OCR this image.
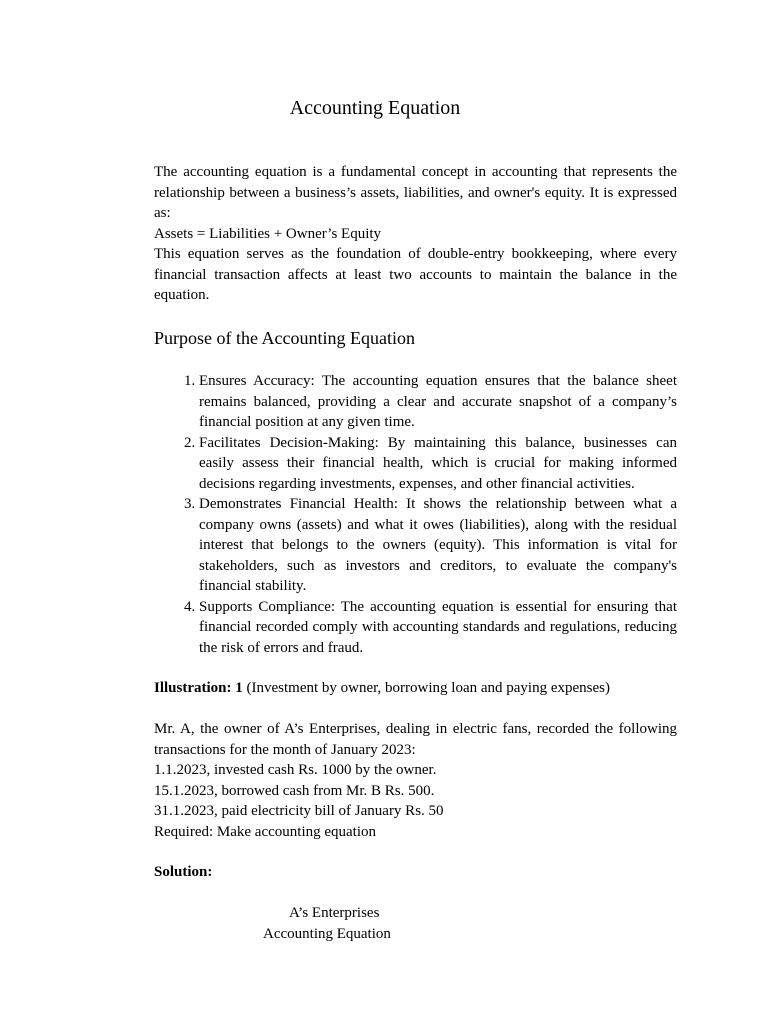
Accounting Equation

The accounting equation is a fundamental concept in accounting that represents the relationship between a business’s assets, liabilities, and owner's equity. It is expressed as:

Assets = Liabilities + Owner’s Equity

This equation serves as the foundation of double-entry bookkeeping, where every financial transaction affects at least two accounts to maintain the balance in the equation.

Purpose of the Accounting Equation
1. Ensures Accuracy: The accounting equation ensures that the balance sheet remains balanced, providing a clear and accurate snapshot of a company’s financial position at any given time.
2. Facilitates Decision-Making: By maintaining this balance, businesses can easily assess their financial health, which is crucial for making informed decisions regarding investments, expenses, and other financial activities.
3. Demonstrates Financial Health: It shows the relationship between what a company owns (assets) and what it owes (liabilities), along with the residual interest that belongs to the owners (equity). This information is vital for stakeholders, such as investors and creditors, to evaluate the company's financial stability.
4. Supports Compliance: The accounting equation is essential for ensuring that financial recorded comply with accounting standards and regulations, reducing the risk of errors and fraud.
Illustration: 1 (Investment by owner, borrowing loan and paying expenses)

Mr. A, the owner of A’s Enterprises, dealing in electric fans, recorded the following transactions for the month of January 2023:

1.1.2023, invested cash Rs. 1000 by the owner.

15.1.2023, borrowed cash from Mr. B Rs. 500.

31.1.2023, paid electricity bill of January Rs. 50

Required: Make accounting equation

Solution:
A’s Enterprises
Accounting Equation
